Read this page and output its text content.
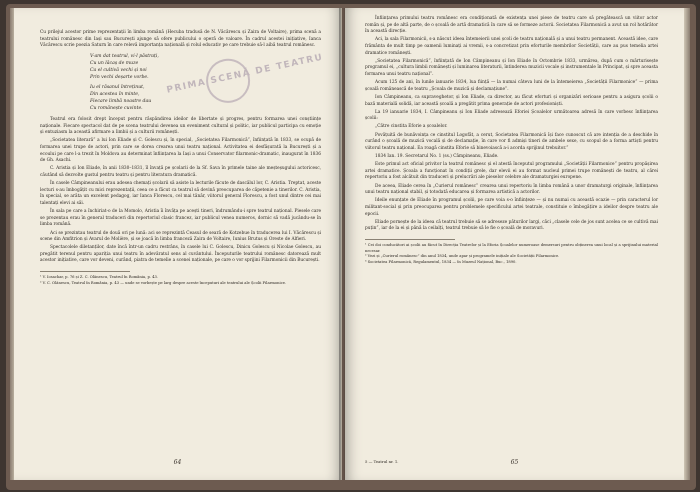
PRIMA SCENĂ DE TEATRU

Cu prilejul acestor prime reprezentații în limba română (Hecuba tradusă de N. Văcărescu și Zaira de Voltaire), prima scenă a teatrului românesc din Iași sau București ajunge să ofere publicului o operă de valoare. În cadrul acestei inițiative, Ianca Văcărescu scrie poezia Saturn în care relevă importanța națională și rolul educativ pe care trebuie să-l aibă teatrul românesc.

V-am dat teatrul, vi-l păstrați,
Cu un lăcaș de muze
Ca el cultivă vechi și noi
Prin vechi deșarte vorbe.
Iu el răsanul întreținut,
Din acestea în minte,
Fiecare limbă noastre dau
Cu românește cuvinte.

Teatrul era folosit drept început pentru răspândirea ideilor de libertate și progres, pentru formarea unei conștiințe naționale. Fiecare spectacol dat de pe scena teatrului devenea un eveniment cultural și politic, iar publicul participa cu emoție și entuziasm la această afirmare a limbii și a culturii românești.

„Societatea literară” a lui Ion Eliade și C. Golescu și, în special, „Societatea Filarmonică”, înființată în 1833, se ocupă de formarea unei trupe de actori, prin care se dorea crearea unui teatru național. Activitatea ei desfășurată la București și a ecoului pe care l-a trezit în Moldova au determinat înființarea la Iași a unui Conservator filarmonic-dramatic, inaugurat în 1836 de Gh. Asachi.

C. Aristia și Ion Eliade, în anii 1830–1831, îl învață pe școlarii de la Sf. Sava în primele taine ale meșteșugului actoricesc, căutând să dezvolte gustul pentru teatru și pentru literatura dramatică.

În casele Câmpineanului erau adesea chemați școlarii să asiste la lecturile făcute de dascălul lor, C. Aristia. Treptat, aceste lecturi s-au îmbogățit cu mici reprezentații, ceea ce a făcut ca teatrul să devină preocuparea de căpetenie a tinerilor. C. Aristia, în special, se arăta un excelent pedagog, iar Ianca Florescu, cel mai tânăr, viitorul general Florescu, a fost unul dintre cei mai talentați elevi ai săi.

În sala pe care a închiriat-o de la Momolo, Aristia îi învăța pe acești tineri, îndrumându-i spre teatrul național. Piesele care se prezentau erau în general traduceri din repertoriul clasic francez, iar publicul venea numeros, dornic să vadă jucându-se în limba română.

Aci se prezintau teatrul de două ori pe lună: aci se reprezintă Ceasul de seară de Kotzebue în traducerea lui I. Văcărescu și scene din Amfitrion și Avarul de Molière, și se joacă în limba franceză Zaira de Voltaire, Iunius Brutus și Oreste de Alfieri.

Spectacolele diletanților, date încă într-un cadru restrâns, în casele lui C. Golescu, Dinicu Golescu și Nicolae Golescu, au pregătit terenul pentru apariția unui teatru în adevăratul sens al cuvântului. Începuturile teatrului românesc datorează mult acestor inițiative, care vor deveni, curând, piatra de temelie a scenei naționale, pe care o vor sprijini Filarmonicii din București.

¹ V. Iosachar, p. 76 și Z. C. Olănescu, Teatrul în România, p. 43.

² V. C. Olănescu, Teatrul în România, p. 43 — unde se vorbește pe larg despre aceste începuturi ale teatrului ale Școlii Filarmonice.

64

Înființarea primului teatru românesc era condiționată de existența unei piese de teatru care să pregătească un viitor actor român și, pe de altă parte, de o școală de artă dramatică în care să se formeze actorii. Societatea Filarmonică a avut un rol hotărâtor în această direcție.

Aci, la sala Filarmonicii, s-a născut ideea întemeierii unei școli de teatru națională și a unui teatru permanent. Această idee, care frământa de mult timp pe oamenii luminați ai vremii, s-a concretizat prin eforturile membrilor Societății, care au pus temelia artei dramatice românești.

„Societatea Filarmonică”, înființată de Ion Câmpineanu și Ion Eliade în Octombrie 1833, urmărea, după cum o mărturisește programul ei, „cultura limbii românești și luminarea literaturii, întinderea muzicii vocale și instrumentale în Principat, și spre aceasta formarea unui teatru național”.

Acum 125 de ani, în lunile ianuarie 1834, lua ființă — la numai câteva luni de la întemeierea „Societății Filarmonice” — prima școală românească de teatru „Școala de muzică și declamațiune”.

Ion Câmpineanu, ca supraveghetor, și Ion Eliade, ca director, au făcut eforturi și organizări serioase pentru a asigura școlii o bază materială solidă, iar această școală a pregătit prima generație de actori profesioniști.

La 19 ianuarie 1834, I. Câmpineanu și Ion Eliade adresează Eforiei Școalelor următoarea adresă în care vorbesc înființarea școlii:

„Către cinstita Eforie a școalelor.

Povățuită de bunăvoința ce cinstitul Logofăt, a cerut, Societatea Filarmonică își face cunoscut că are intenția de a deschide în curând o școală de muzică vocală și de declamație, în care vor fi admiși tineri de ambele sexe, cu scopul de a forma artiști pentru viitorul teatru național. Ea roagă cinstita Eforie să binevoiască a-i acorda sprijinul trebuitor.”

1834 Ian. 19. Secretarul No. 1 (ss.) Câmpineanu, Eliade.

Este primul act oficial privitor la teatrul românesc și el atestă începutul programului „Societății Filarmonice” pentru propășirea artei dramatice. Școala a funcționat în condiții grele, dar elevii ei au format nucleul primei trupe românești de teatru, al cărei repertoriu a fost alcătuit din traduceri și prelucrări ale pieselor celebre ale dramaturgiei europene.

De aceea, Eliade cerea în „Curierul românesc” crearea unui repertoriu în limba română a unor dramaturgi originale, înființarea unui teatru național stabil, și totodată educarea și formarea artistică a actorilor.

Ideile enunțate de Eliade în programul școlii, pe care voia s-o înființeze — și nu numai cu această ocazie — prin caracterul lor militant-social și prin preocuparea pentru problemele specificului artei teatrale, constituie o îmbogățire a ideilor despre teatru ale epocii.

Eliade pornește de la ideea că teatrul trebuie să se adreseze păturilor largi, căci „clasele cele de jos sunt acelea ce se cultivă mai puțin”, iar de la ei și până la ceilalți, teatrul trebuie să le fie o școală de moravuri.

¹ Cei doi conducători ai școlii au făcut în Direcția Teatrelor și la Eforia Școalelor numeroase demersuri pentru obținerea unui local și a sprijinului material necesar.

² Vezi și „Curierul românesc” din anul 1834, unde apar și programele inițiale ale Societății Filarmonice.

³ Societatea Filarmonică, Regulamentul, 1834 — în Muzeul Național, Buc., 1890.

5 — Teatrul nr. 1.	65
